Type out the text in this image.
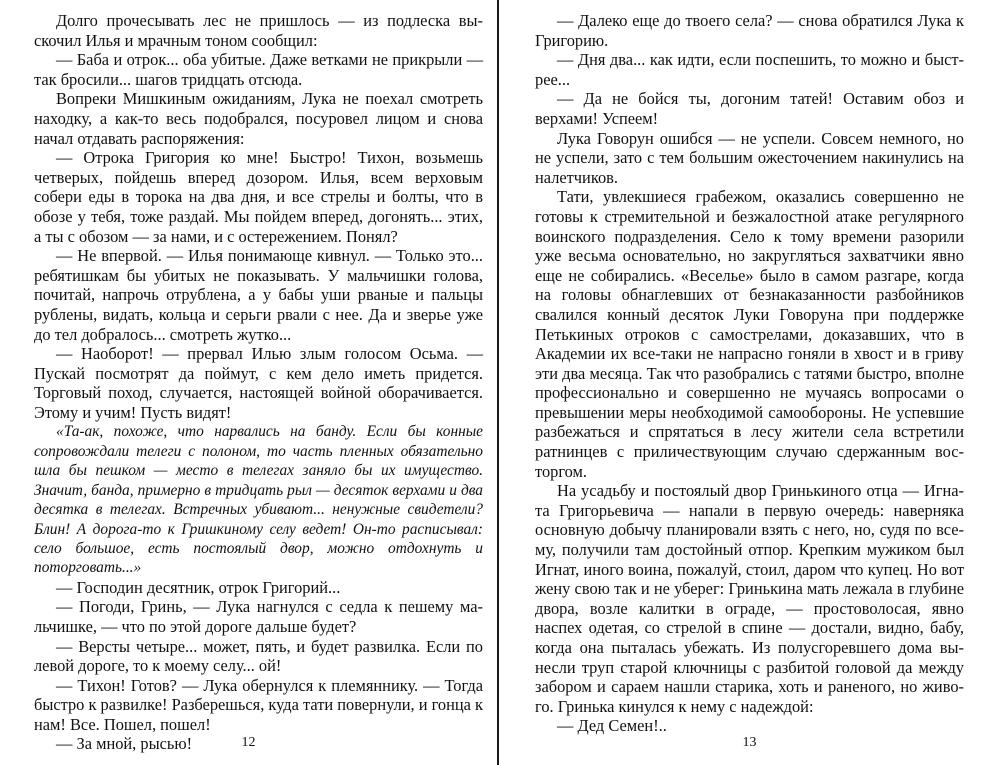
Долго прочесывать лес не пришлось — из подлеска выскочил Илья и мрачным тоном сообщил:

— Баба и отрок... оба убитые. Даже ветками не прикрыли — так бросили... шагов тридцать отсюда.

Вопреки Мишкиным ожиданиям, Лука не поехал смотреть находку, а как-то весь подобрался, посуровел лицом и снова начал отдавать распоряжения:

— Отрока Григория ко мне! Быстро! Тихон, возьмешь четверых, пойдешь вперед дозором. Илья, всем верховым собери еды в торока на два дня, и все стрелы и болты, что в обозе у тебя, тоже раздай. Мы пойдем вперед, догонять... этих, а ты с обозом — за нами, и с остережением. Понял?

— Не впервой. — Илья понимающе кивнул. — Только это... ребятишкам бы убитых не показывать. У мальчишки голова, почитай, напрочь отрублена, а у бабы уши рваные и пальцы рублены, видать, кольца и серьги рвали с нее. Да и зверье уже до тел добралось... смотреть жутко...

— Наоборот! — прервал Илью злым голосом Осьма. — Пускай посмотрят да поймут, с кем дело иметь придется. Торговый поход, случается, настоящей войной оборачивается. Этому и учим! Пусть видят!

«Та-ак, похоже, что нарвались на банду. Если бы конные сопровождали телеги с полоном, то часть пленных обязательно шла бы пешком — место в телегах заняло бы их имущество. Значит, банда, примерно в тридцать рыл — десяток верхами и два десятка в телегах. Встречных убивают... ненужные свидетели? Блин! А дорога-то к Гришкиному селу ведет! Он-то расписывал: село большое, есть постоялый двор, можно отдохнуть и поторговать...»

— Господин десятник, отрок Григорий...

— Погоди, Гринь, — Лука нагнулся с седла к пешему мальчишке, — что по этой дороге дальше будет?

— Версты четыре... может, пять, и будет развилка. Если по левой дороге, то к моему селу... ой!

— Тихон! Готов? — Лука обернулся к племяннику. — Тогда быстро к развилке! Разберешься, куда тати повернули, и гонца к нам! Все. Пошел, пошел!

— За мной, рысью!	12

— Далеко еще до твоего села? — снова обратился Лука к Григорию.

— Дня два... как идти, если поспешить, то можно и быстрее...

— Да не бойся ты, догоним татей! Оставим обоз и верхами! Успеем!

Лука Говорун ошибся — не успели. Совсем немного, но не успели, зато с тем большим ожесточением накинулись на налетчиков.

Тати, увлекшиеся грабежом, оказались совершенно не готовы к стремительной и безжалостной атаке регулярного воинского подразделения. Село к тому времени разорили уже весьма основательно, но закругляться захватчики явно еще не собирались. «Веселье» было в самом разгаре, когда на головы обнаглевших от безнаказанности разбойников свалился конный десяток Луки Говоруна при поддержке Петькиных отроков с самострелами, доказавших, что в Академии их все-таки не напрасно гоняли в хвост и в гриву эти два месяца. Так что разобрались с татями быстро, вполне профессионально и совершенно не мучаясь вопросами о превышении меры необходимой самообороны. Не успевшие разбежаться и спрятаться в лесу жители села встретили ратнинцев с приличествующим случаю сдержанным восторгом.

На усадьбу и постоялый двор Гринькиного отца — Игната Григорьевича — напали в первую очередь: наверняка основную добычу планировали взять с него, но, судя по всему, получили там достойный отпор. Крепким мужиком был Игнат, иного воина, пожалуй, стоил, даром что купец. Но вот жену свою так и не уберег: Гринькина мать лежала в глубине двора, возле калитки в ограде, — простоволосая, явно наспех одетая, со стрелой в спине — достали, видно, бабу, когда она пыталась убежать. Из полусгоревшего дома вынесли труп старой ключницы с разбитой головой да между забором и сараем нашли старика, хоть и раненого, но живого. Гринька кинулся к нему с надеждой:

— Дед Семен!..

13
